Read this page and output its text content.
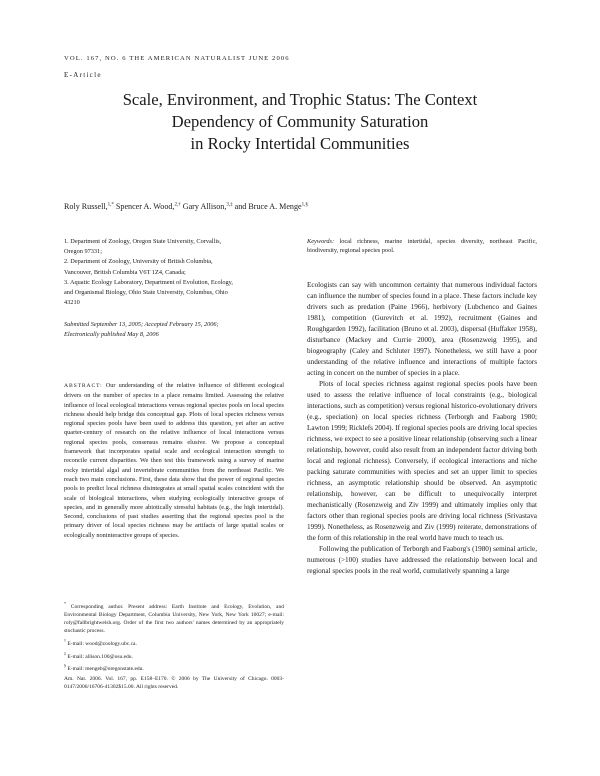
VOL. 167, NO. 6 THE AMERICAN NATURALIST JUNE 2006
E-Article
Scale, Environment, and Trophic Status: The Context
Dependency of Community Saturation
in Rocky Intertidal Communities
Roly Russell,$^{1,*}$ Spencer A. Wood,$^{2,\dagger}$ Gary Allison,$^{3,\ddagger}$ and Bruce A. Menge$^{1,\S}$
1. Department of Zoology, Oregon State University, Corvallis,
Oregon 97331;
2. Department of Zoology, University of British Columbia,
Vancouver, British Columbia V6T 1Z4, Canada;
3. Aquatic Ecology Laboratory, Department of Evolution, Ecology,
and Organismal Biology, Ohio State University, Columbus, Ohio
43210
Submitted September 13, 2005; Accepted February 15, 2006;
Electronically published May 8, 2006
Keywords: local richness, marine intertidal, species diversity, northeast Pacific, biodiversity, regional species pool.
ABSTRACT: Our understanding of the relative influence of different ecological drivers on the number of species in a place remains limited. Assessing the relative influence of local ecological interactions versus regional species pools on local species richness should help bridge this conceptual gap. Plots of local species richness versus regional species pools have been used to address this question, yet after an active quarter-century of research on the relative influence of local interactions versus regional species pools, consensus remains elusive. We propose a conceptual framework that incorporates spatial scale and ecological interaction strength to reconcile current disparities. We then test this framework using a survey of marine rocky intertidal algal and invertebrate communities from the northeast Pacific. We reach two main conclusions. First, these data show that the power of regional species pools to predict local richness disintegrates at small spatial scales coincident with the scale of biological interactions, when studying ecologically interactive groups of species, and in generally more abiotically stressful habitats (e.g., the high intertidal). Second, conclusions of past studies asserting that the regional species pool is the primary driver of local species richness may be artifacts of large spatial scales or ecologically noninteractive groups of species.
* Corresponding author. Present address: Earth Institute and Ecology, Evolution, and Environmental Biology Department, Columbia University, New York, New York 10027; e-mail: roly@fallbrightwelsh.org. Order of the first two authors' names determined by an appropriately stochastic process.
† E-mail: wood@zoology.ubc.ca.
‡ E-mail: allison.100@osu.edu.
§ E-mail: mengeb@oregonstate.edu.
Am. Nat. 2006. Vol. 167, pp. E158–E170. © 2006 by The University of Chicago. 0003-0147/2006/16706-41302$15.00. All rights reserved.

Ecologists can say with uncommon certainty that numerous individual factors can influence the number of species found in a place. These factors include key drivers such as predation (Paine 1966), herbivory (Lubchenco and Gaines 1981), competition (Gurevitch et al. 1992), recruitment (Gaines and Roughgarden 1992), facilitation (Bruno et al. 2003), dispersal (Huffaker 1958), disturbance (Mackey and Currie 2000), area (Rosenzweig 1995), and biogeography (Caley and Schluter 1997). Nonetheless, we still have a poor understanding of the relative influence and interactions of multiple factors acting in concert on the number of species in a place.

Plots of local species richness against regional species pools have been used to assess the relative influence of local constraints (e.g., biological interactions, such as competition) versus regional historico-evolutionary drivers (e.g., speciation) on local species richness (Terborgh and Faaborg 1980; Lawton 1999; Ricklefs 2004). If regional species pools are driving local species richness, we expect to see a positive linear relationship (observing such a linear relationship, however, could also result from an independent factor driving both local and regional richness). Conversely, if ecological interactions and niche packing saturate communities with species and set an upper limit to species richness, an asymptotic relationship should be observed. An asymptotic relationship, however, can be difficult to unequivocally interpret mechanistically (Rosenzweig and Ziv 1999) and ultimately implies only that factors other than regional species pools are driving local richness (Srivastava 1999). Nonetheless, as Rosenzweig and Ziv (1999) reiterate, demonstrations of the form of this relationship in the real world have much to teach us.

Following the publication of Terborgh and Faaborg's (1980) seminal article, numerous (>100) studies have addressed the relationship between local and regional species pools in the real world, cumulatively spanning a large
